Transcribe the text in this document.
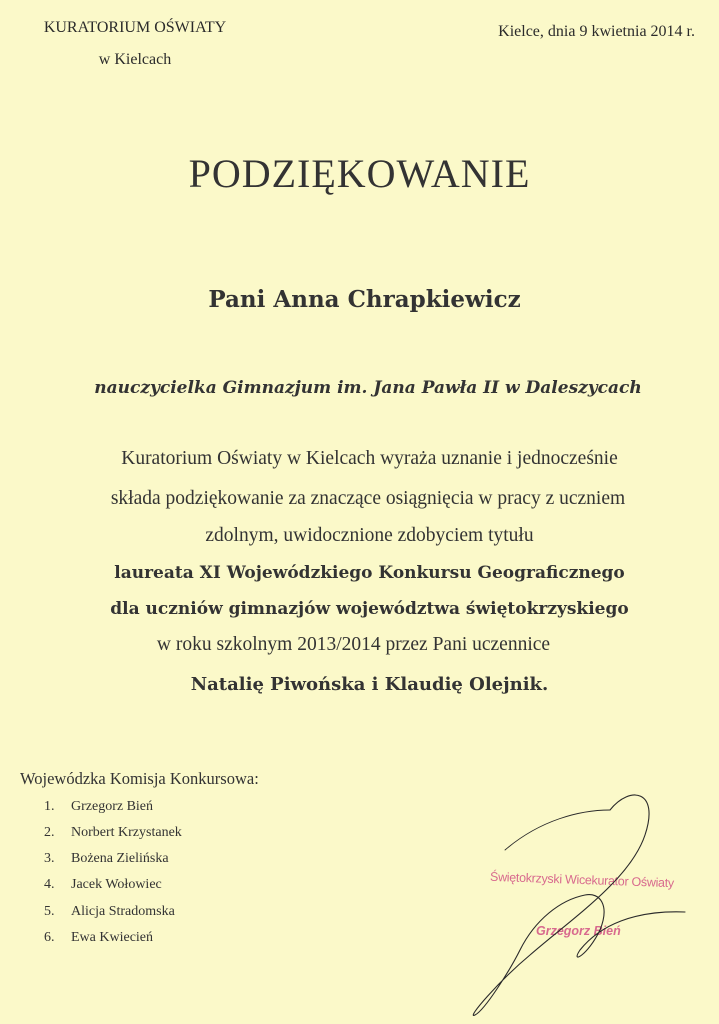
KURATORIUM OŚWIATY
w Kielcach
Kielce, dnia 9 kwietnia 2014 r.
PODZIĘKOWANIE
Pani Anna Chrapkiewicz
nauczycielka Gimnazjum im. Jana Pawła II w Daleszycach
Kuratorium Oświaty w Kielcach wyraża uznanie i jednocześnie
składa podziękowanie za znaczące osiągnięcia w pracy z uczniem
zdolnym, uwidocznione zdobyciem tytułu
laureata XI Wojewódzkiego Konkursu Geograficznego
dla uczniów gimnazjów województwa świętokrzyskiego
w roku szkolnym 2013/2014 przez Pani uczennice
Natalię Piwońska i Klaudię Olejnik.
Wojewódzka Komisja Konkursowa:
1. Grzegorz Bień
2. Norbert Krzystanek
3. Bożena Zielińska
4. Jacek Wołowiec
5. Alicja Stradomska
6. Ewa Kwiecień
Świętokrzyski Wicekurator Oświaty
Grzegorz Bień
